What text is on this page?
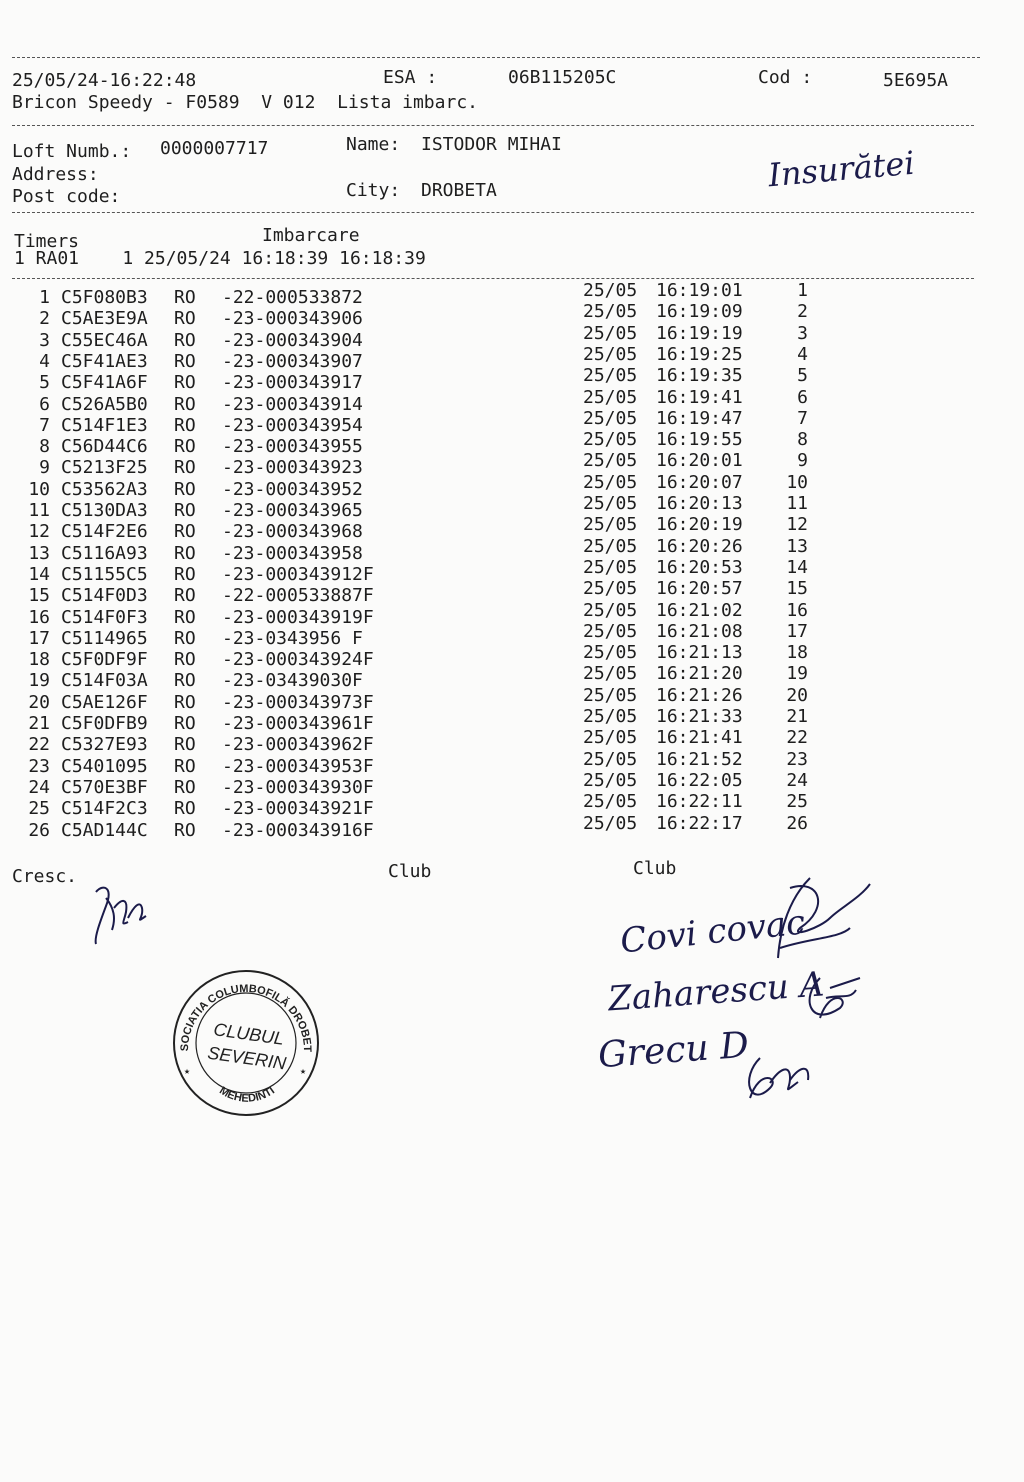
25/05/24-16:22:48	ESA :	06B115205C	Cod :	5E695A
Bricon Speedy - F0589  V 012  Lista imbarc.
Loft Numb.: 0000007717	Name: ISTODOR MIHAI
Address:
Post code:	City: DROBETA	Insurătei
Imbarcare
Timers
1 RA01    1 25/05/24 16:18:39 16:18:39
1 C5F080B3 RO -22-000533872	25/05 16:19:01	1
2 C5AE3E9A RO -23-000343906	25/05 16:19:09	2
3 C55EC46A RO -23-000343904	25/05 16:19:19	3
4 C5F41AE3 RO -23-000343907	25/05 16:19:25	4
5 C5F41A6F RO -23-000343917	25/05 16:19:35	5
6 C526A5B0 RO -23-000343914	25/05 16:19:41	6
7 C514F1E3 RO -23-000343954	25/05 16:19:47	7
8 C56D44C6 RO -23-000343955	25/05 16:19:55	8
9 C5213F25 RO -23-000343923	25/05 16:20:01	9
10 C53562A3 RO -23-000343952	25/05 16:20:07	10
11 C5130DA3 RO -23-000343965	25/05 16:20:13	11
12 C514F2E6 RO -23-000343968	25/05 16:20:19	12
13 C5116A93 RO -23-000343958	25/05 16:20:26	13
14 C51155C5 RO -23-000343912F	25/05 16:20:53	14
15 C514F0D3 RO -22-000533887F	25/05 16:20:57	15
16 C514F0F3 RO -23-000343919F	25/05 16:21:02	16
17 C5114965 RO -23-0343956 F	25/05 16:21:08	17
18 C5F0DF9F RO -23-000343924F	25/05 16:21:13	18
19 C514F03A RO -23-03439030F	25/05 16:21:20	19
20 C5AE126F RO -23-000343973F	25/05 16:21:26	20
21 C5F0DFB9 RO -23-000343961F	25/05 16:21:33	21
22 C5327E93 RO -23-000343962F	25/05 16:21:41	22
23 C5401095 RO -23-000343953F	25/05 16:21:52	23
24 C570E3BF RO -23-000343930F	25/05 16:22:05	24
25 C514F2C3 RO -23-000343921F	25/05 16:22:11	25
26 C5AD144C RO -23-000343916F	25/05 16:22:17	26
Cresc.	Club	Club
Covi covac
Zaharescu A
Grecu D
ASOCIATIA COLUMBOFILĂ DROBETA
MEHEDINTI
CLUBUL
SEVERIN
★	★
